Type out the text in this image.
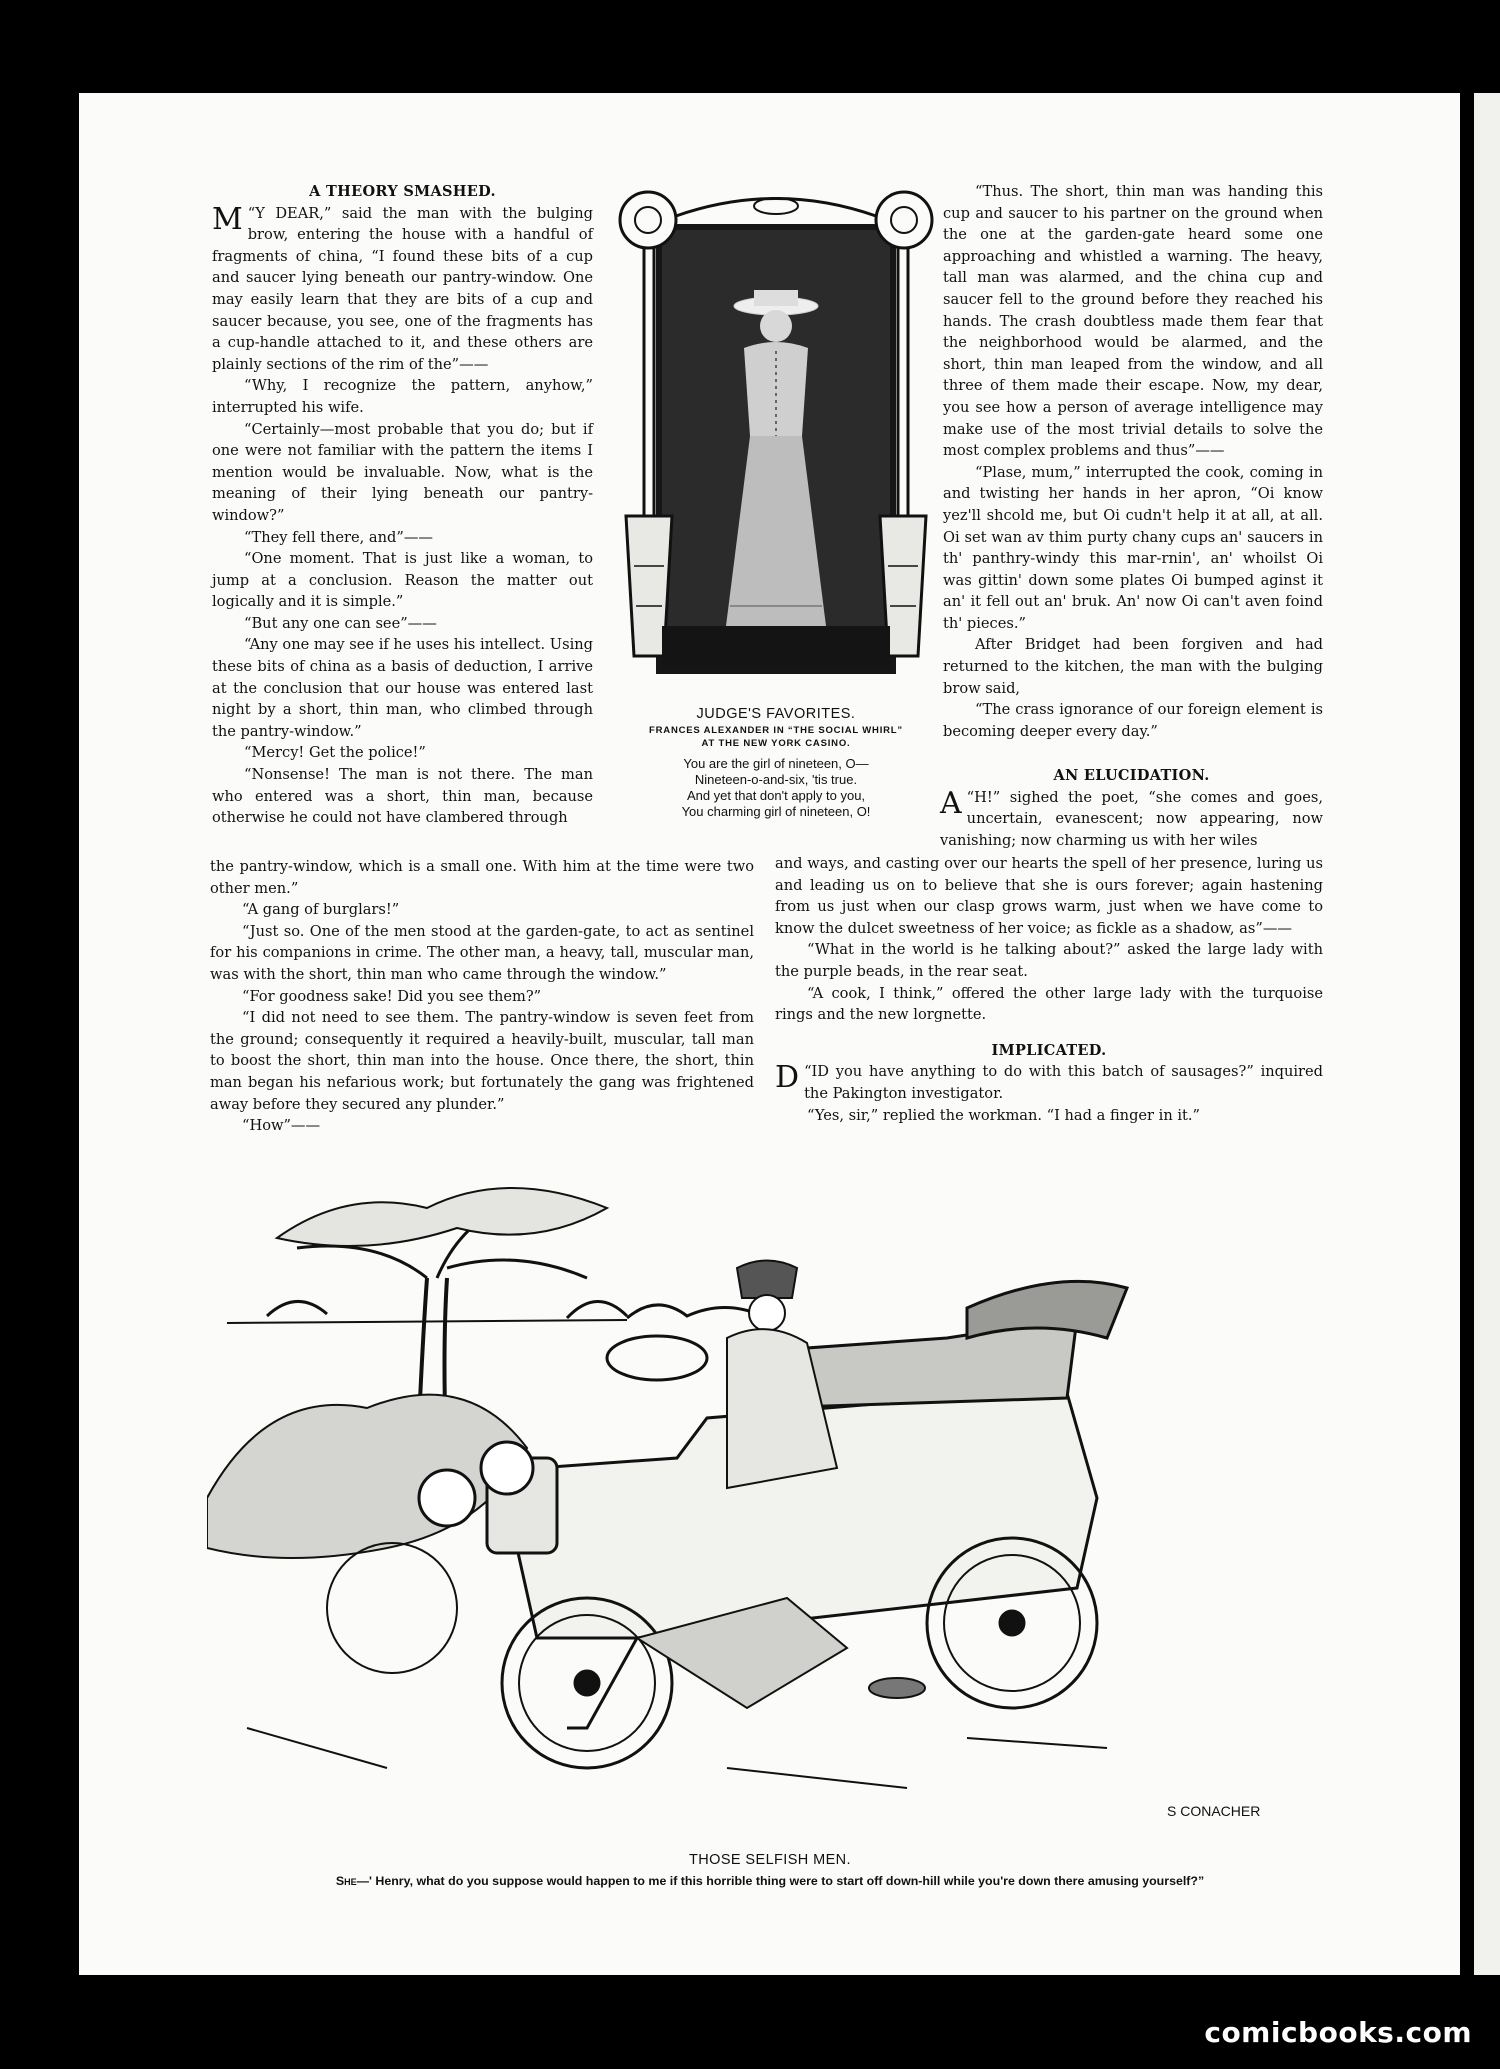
A THEORY SMASHED.

“
M Y DEAR,” said the man with the bulging brow, entering the house with a handful of fragments of china, “I found these bits of a cup and saucer lying beneath our pantry-window. One may easily learn that they are bits of a cup and saucer because, you see, one of the fragments has a cup-handle attached to it, and these others are plainly sections of the rim of the”——

“Why, I recognize the pattern, anyhow,” interrupted his wife.

“Certainly—most probable that you do; but if one were not familiar with the pattern the items I mention would be invaluable. Now, what is the meaning of their lying beneath our pantry-window?”

“They fell there, and”——

“One moment. That is just like a woman, to jump at a conclusion. Reason the matter out logically and it is simple.”

“But any one can see”——

“Any one may see if he uses his intellect. Using these bits of china as a basis of deduction, I arrive at the conclusion that our house was entered last night by a short, thin man, who climbed through the pantry-window.”

“Mercy! Get the police!”

“Nonsense! The man is not there. The man who entered was a short, thin man, because otherwise he could not have clambered through

the pantry-window, which is a small one. With him at the time were two other men.”

“A gang of burglars!”

“Just so. One of the men stood at the garden-gate, to act as sentinel for his companions in crime. The other man, a heavy, tall, muscular man, was with the short, thin man who came through the window.”

“For goodness sake! Did you see them?”

“I did not need to see them. The pantry-window is seven feet from the ground; consequently it required a heavily-built, muscular, tall man to boost the short, thin man into the house. Once there, the short, thin man began his nefarious work; but fortunately the gang was frightened away before they secured any plunder.”

“How”——

JUDGE'S FAVORITES.
FRANCES ALEXANDER IN “THE SOCIAL WHIRL”
AT THE NEW YORK CASINO.
You are the girl of nineteen, O—
Nineteen-o-and-six, 'tis true.
And yet that don't apply to you,
You charming girl of nineteen, O!

“Thus. The short, thin man was handing this cup and saucer to his partner on the ground when the one at the garden-gate heard some one approaching and whistled a warning. The heavy, tall man was alarmed, and the china cup and saucer fell to the ground before they reached his hands. The crash doubtless made them fear that the neighborhood would be alarmed, and the short, thin man leaped from the window, and all three of them made their escape. Now, my dear, you see how a person of average intelligence may make use of the most trivial details to solve the most complex problems and thus”——

“Plase, mum,” interrupted the cook, coming in and twisting her hands in her apron, “Oi know yez'll shcold me, but Oi cudn't help it at all, at all. Oi set wan av thim purty chany cups an' saucers in th' panthry-windy this mar-rnin', an' whoilst Oi was gittin' down some plates Oi bumped aginst it an' it fell out an' bruk. An' now Oi can't aven foind th' pieces.”

After Bridget had been forgiven and had returned to the kitchen, the man with the bulging brow said,

“The crass ignorance of our foreign element is becoming deeper every day.”

AN ELUCIDATION.

“
A H!” sighed the poet, “she comes and goes, uncertain, evanescent; now appearing, now vanishing; now charming us with her wiles

and ways, and casting over our hearts the spell of her presence, luring us and leading us on to believe that she is ours forever; again hastening from us just when our clasp grows warm, just when we have come to know the dulcet sweetness of her voice; as fickle as a shadow, as”——

“What in the world is he talking about?” asked the large lady with the purple beads, in the rear seat.

“A cook, I think,” offered the other large lady with the turquoise rings and the new lorgnette.

IMPLICATED.

“
D ID you have anything to do with this batch of sausages?” inquired the Pakington investigator.

“Yes, sir,” replied the workman. “I had a finger in it.”

S CONACHER
THOSE SELFISH MEN.
She—' Henry, what do you suppose would happen to me if this horrible thing were to start off down-hill while you're down there amusing yourself?”
comicbooks.com
